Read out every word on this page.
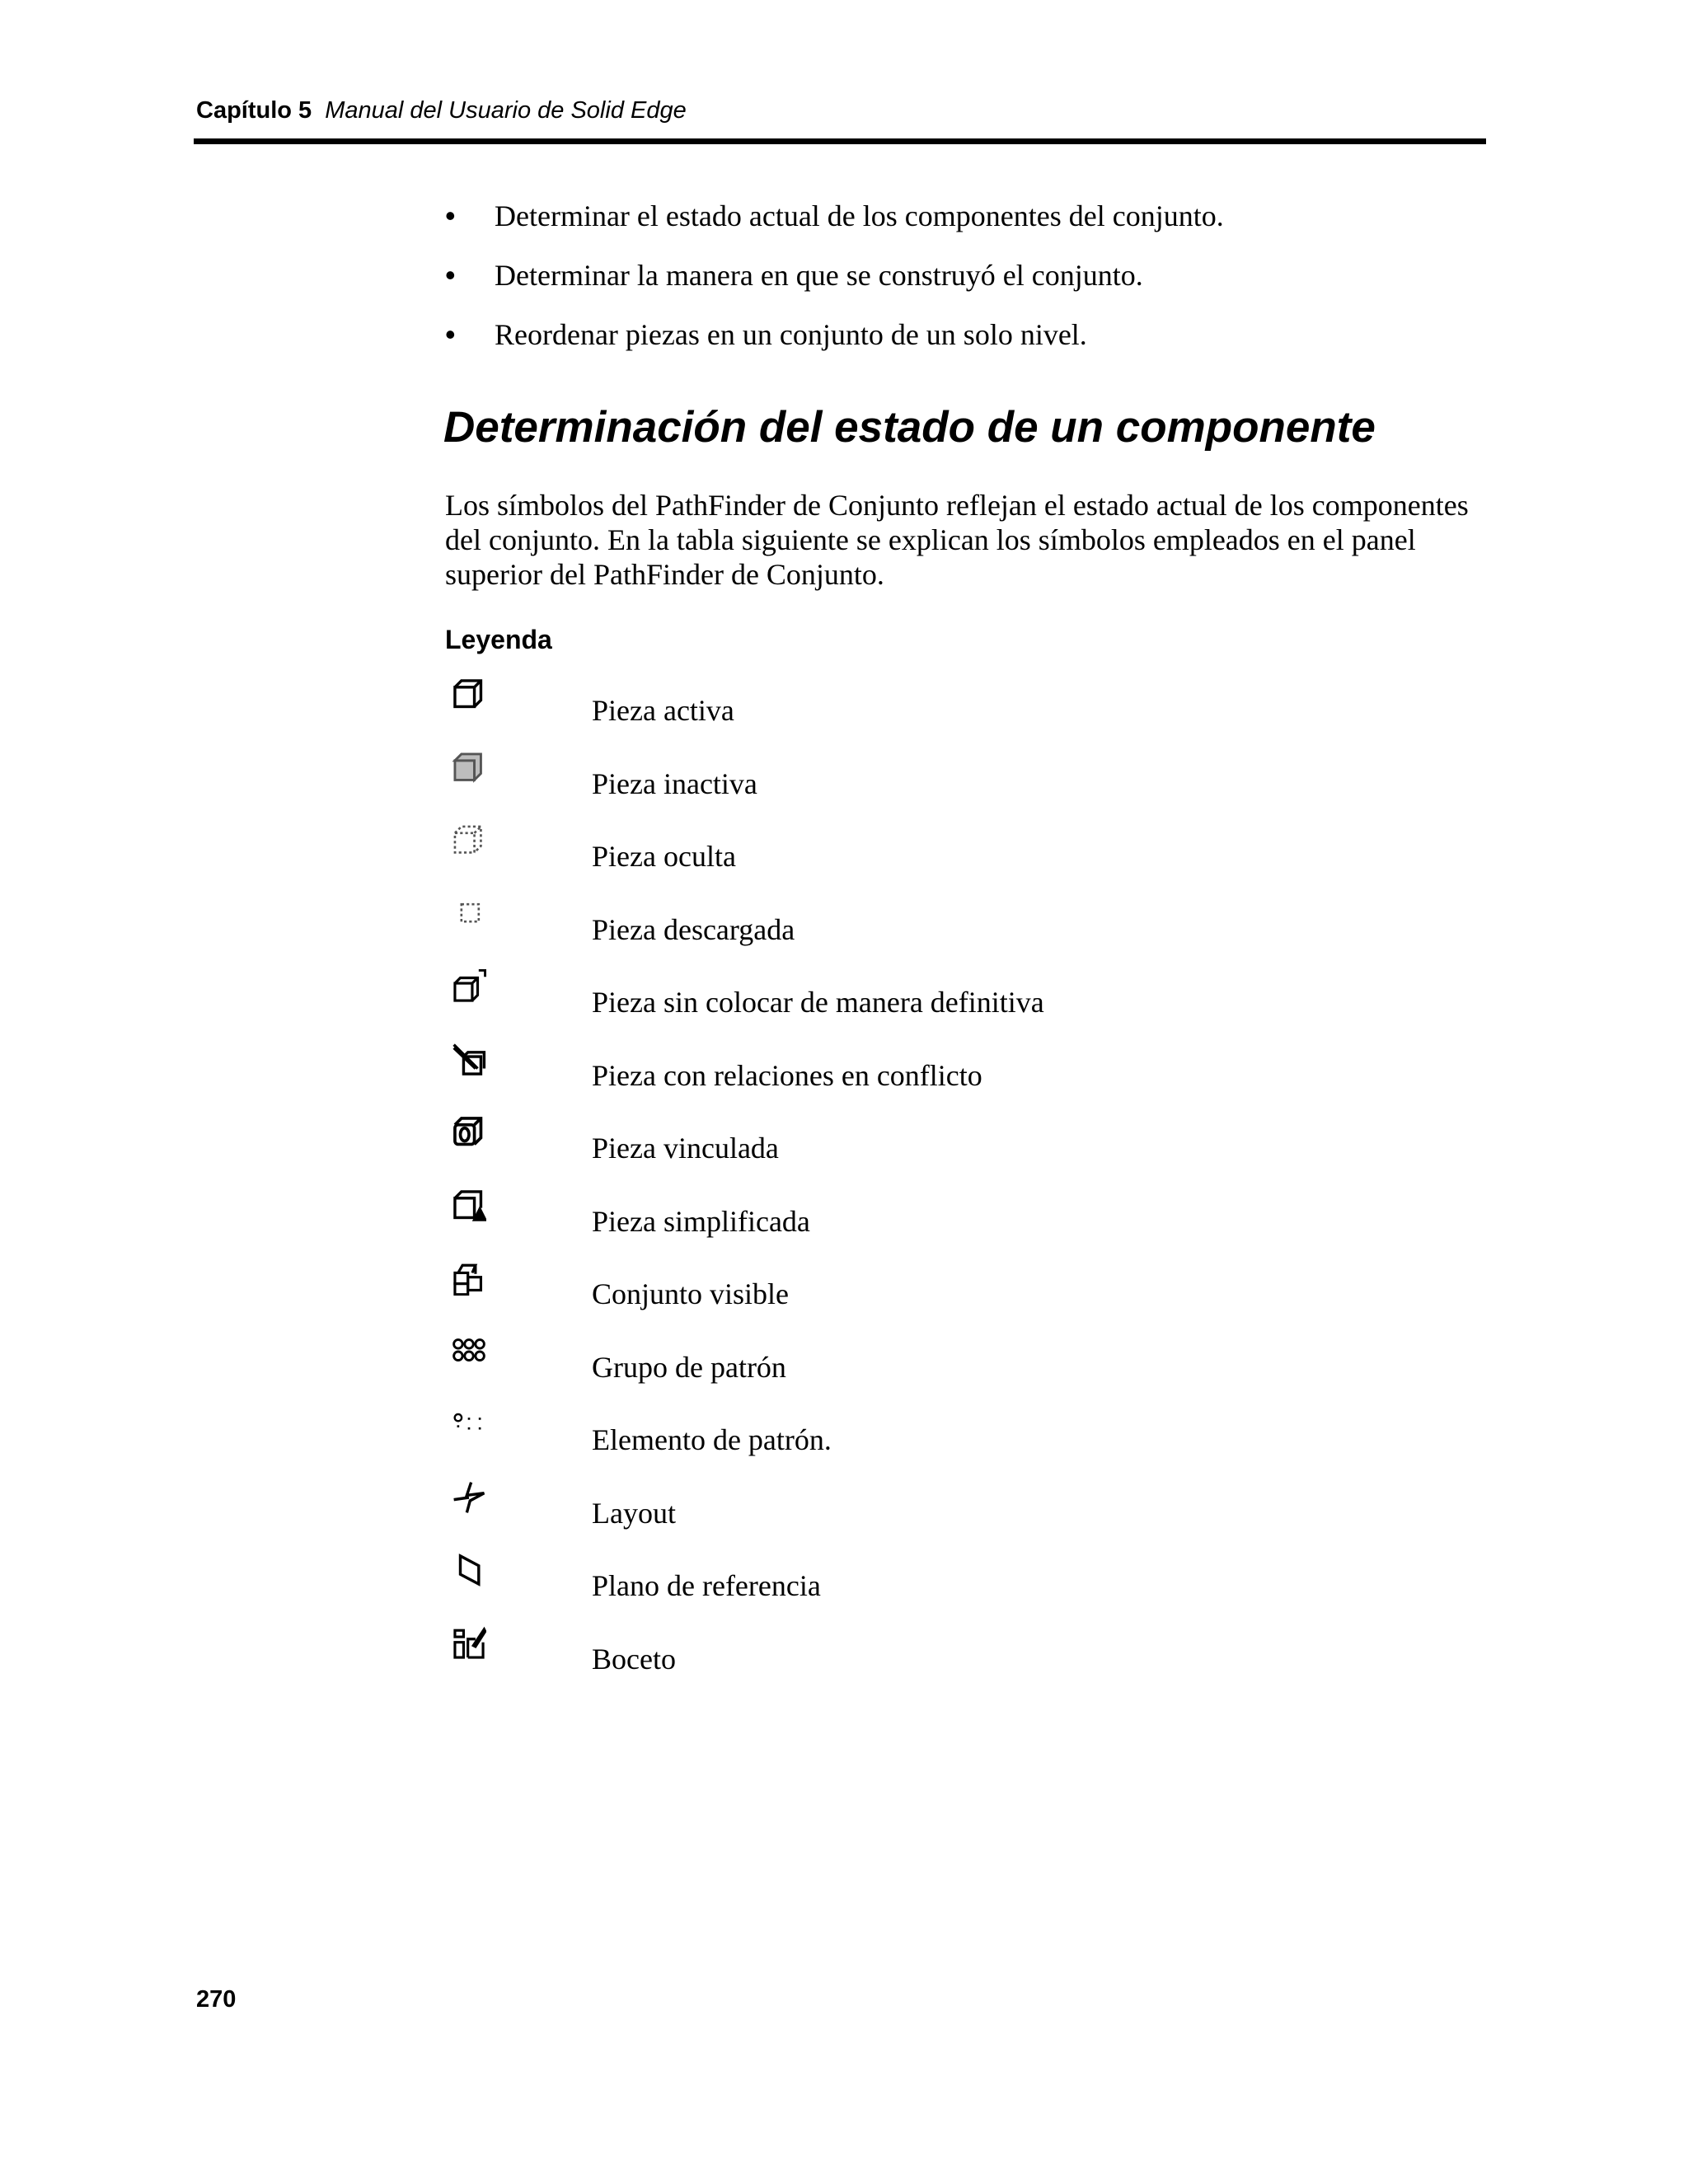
Capítulo 5 Manual del Usuario de Solid Edge
• Determinar el estado actual de los componentes del conjunto.
• Determinar la manera en que se construyó el conjunto.
• Reordenar piezas en un conjunto de un solo nivel.
Determinación del estado de un componente

Los símbolos del PathFinder de Conjunto reflejan el estado actual de los componentes del conjunto. En la tabla siguiente se explican los símbolos empleados en el panel superior del PathFinder de Conjunto.

Leyenda
Pieza activa
Pieza inactiva
Pieza oculta
Pieza descargada
Pieza sin colocar de manera definitiva
Pieza con relaciones en conflicto
Pieza vinculada
Pieza simplificada
Conjunto visible
Grupo de patrón
Elemento de patrón.
Layout
Plano de referencia
Boceto
270
